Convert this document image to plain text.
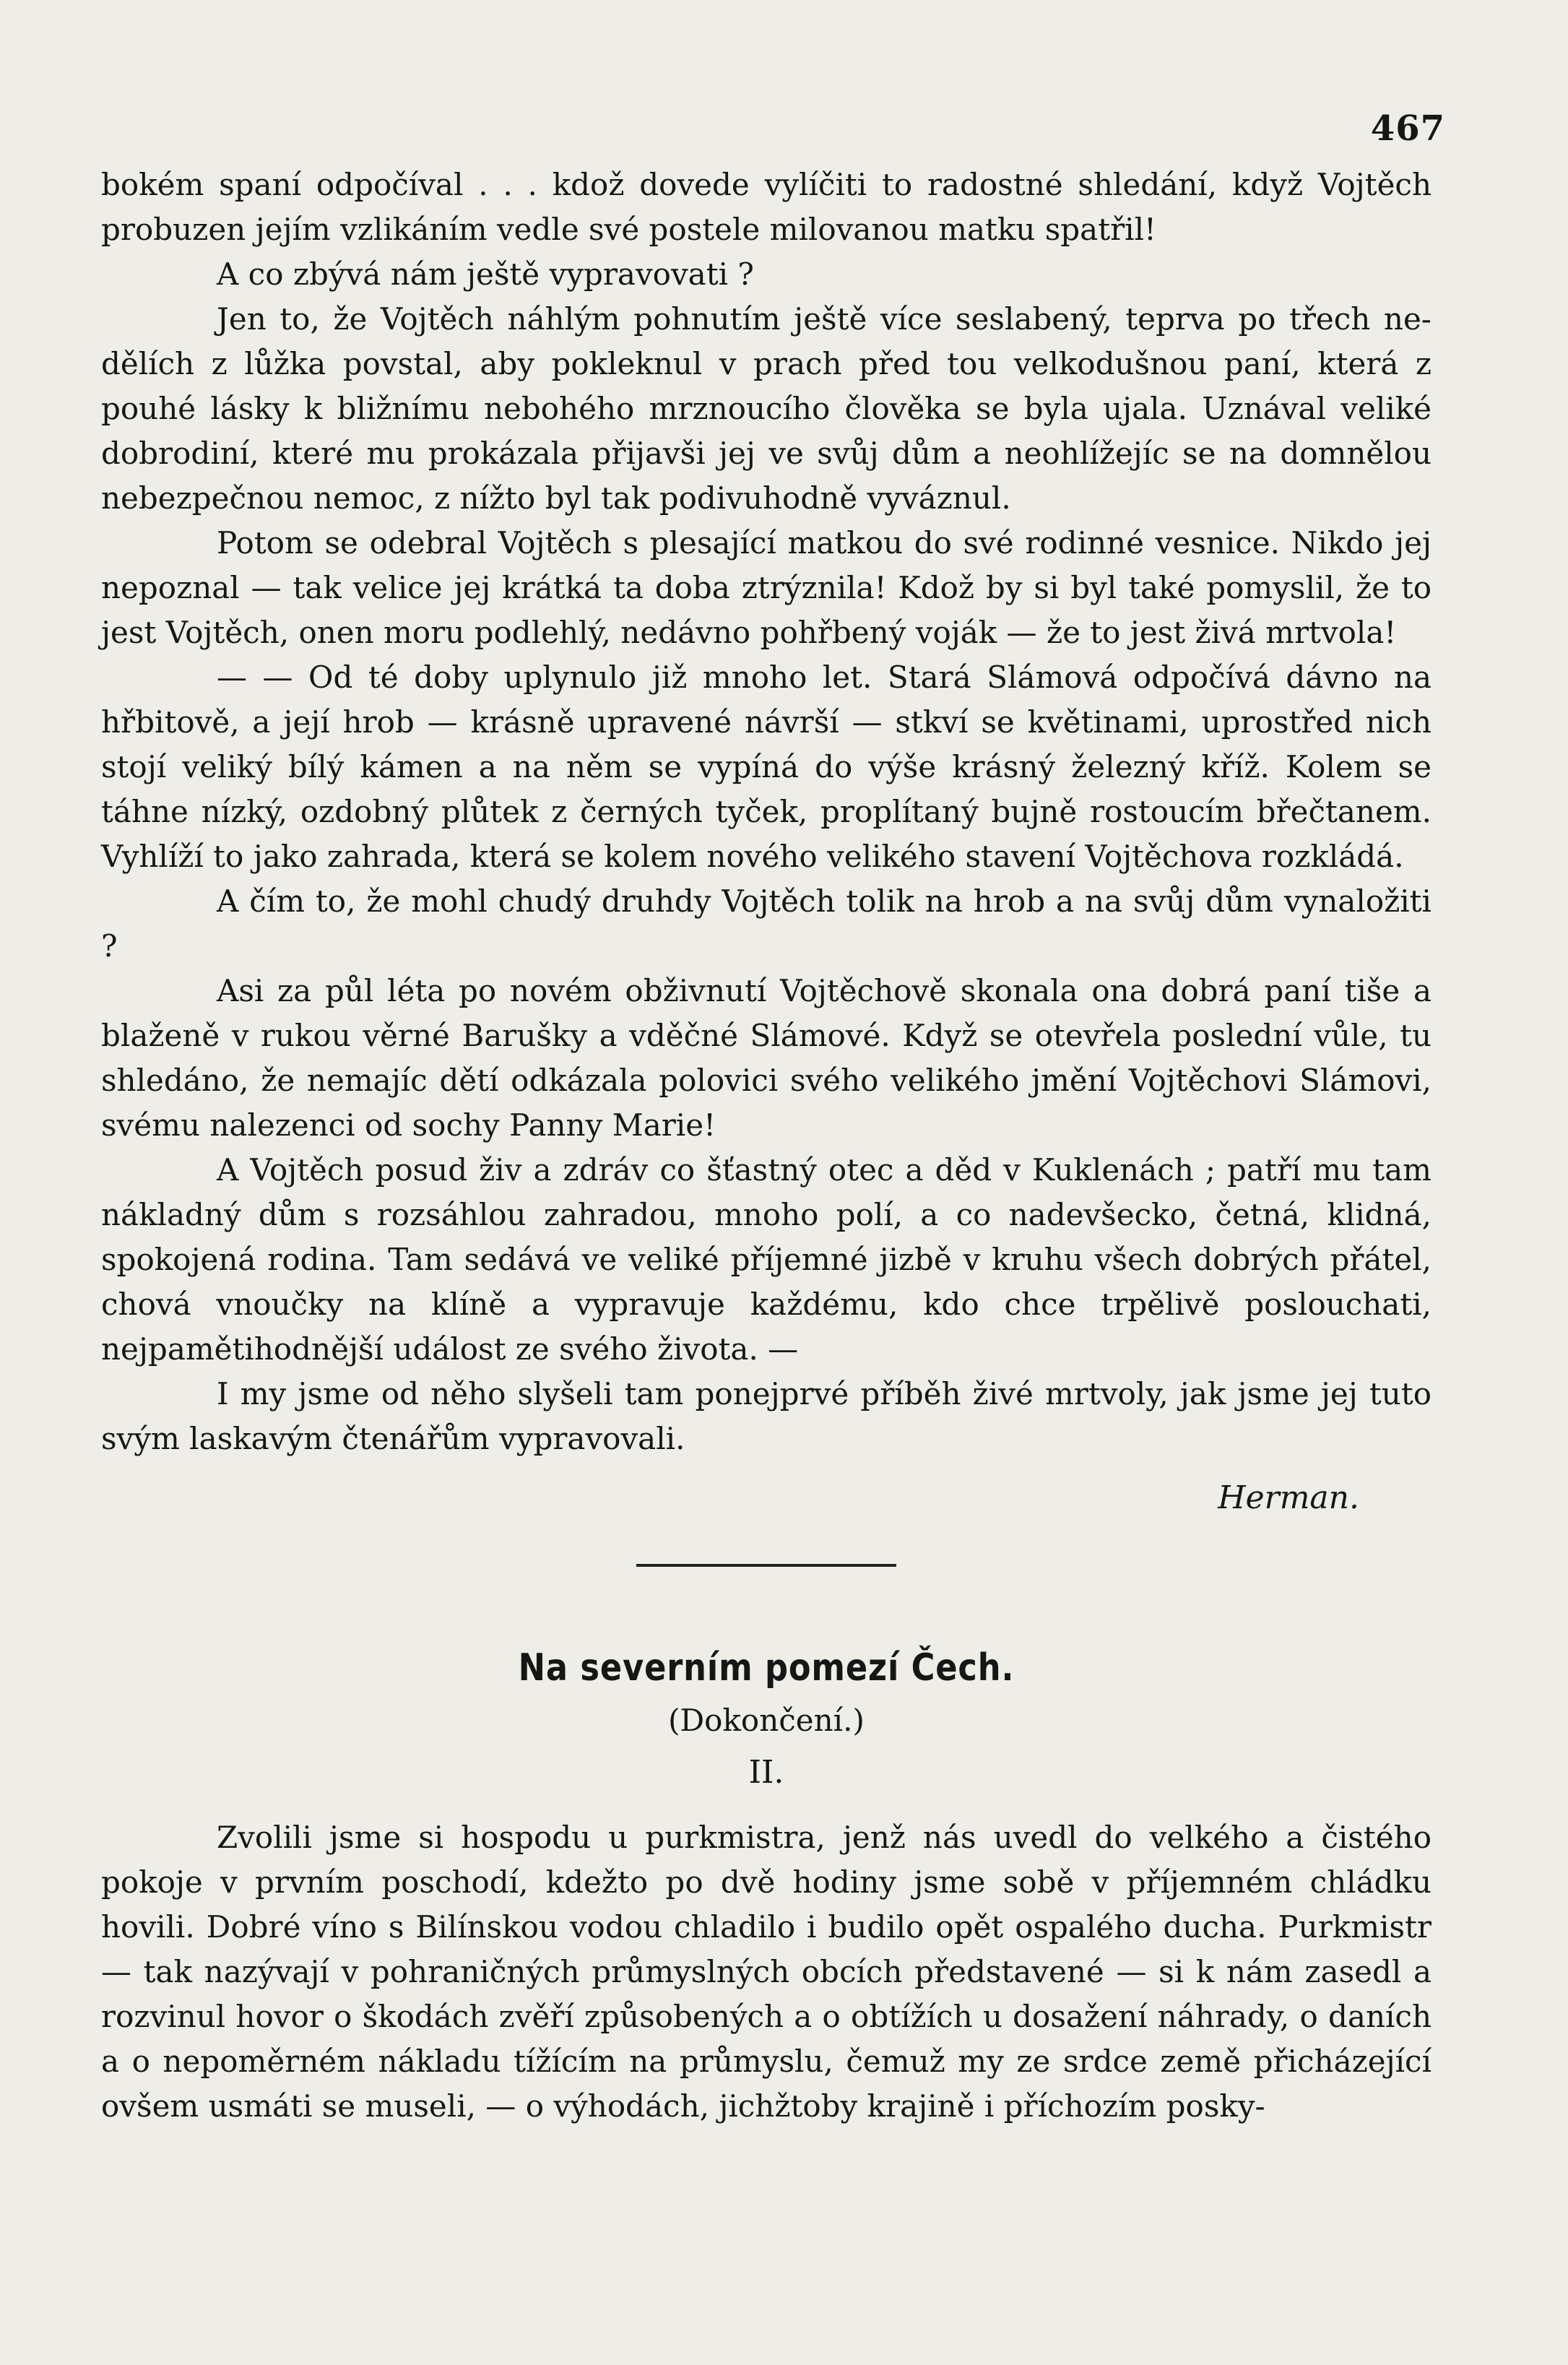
467

bokém spaní odpočíval . . . kdož dovede vylíčiti to radostné shledání, když Vojtěch probuzen jejím vzlikáním vedle své postele milovanou matku spatřil!

A co zbývá nám ještě vypravovati ?

Jen to, že Vojtěch náhlým pohnutím ještě více seslabený, teprva po třech ne-dělích z lůžka povstal, aby pokleknul v prach před tou velkodušnou paní, která z pouhé lásky k bližnímu nebohého mrznoucího člověka se byla ujala. Uznával veliké dobrodiní, které mu prokázala přijavši jej ve svůj dům a neohlížejíc se na domnělou nebezpečnou nemoc, z nížto byl tak podivuhodně vyváznul.

Potom se odebral Vojtěch s plesající matkou do své rodinné vesnice. Nikdo jej nepoznal — tak velice jej krátká ta doba ztrýznila! Kdož by si byl také pomyslil, že to jest Vojtěch, onen moru podlehlý, nedávno pohřbený voják — že to jest živá mrtvola!

— — Od té doby uplynulo již mnoho let. Stará Slámová odpočívá dávno na hřbitově, a její hrob — krásně upravené návrší — stkví se květinami, uprostřed nich stojí veliký bílý kámen a na něm se vypíná do výše krásný železný kříž. Kolem se táhne nízký, ozdobný plůtek z černých tyček, proplítaný bujně rostoucím břečtanem. Vyhlíží to jako zahrada, která se kolem nového velikého stavení Vojtěchova rozkládá.

A čím to, že mohl chudý druhdy Vojtěch tolik na hrob a na svůj dům vynaložiti ?

Asi za půl léta po novém obživnutí Vojtěchově skonala ona dobrá paní tiše a blaženě v rukou věrné Barušky a vděčné Slámové. Když se otevřela poslední vůle, tu shledáno, že nemajíc dětí odkázala polovici svého velikého jmění Vojtěchovi Slámovi, svému nalezenci od sochy Panny Marie!

A Vojtěch posud živ a zdráv co šťastný otec a děd v Kuklenách ; patří mu tam nákladný dům s rozsáhlou zahradou, mnoho polí, a co nadevšecko, četná, klidná, spokojená rodina. Tam sedává ve veliké příjemné jizbě v kruhu všech dobrých přátel, chová vnoučky na klíně a vypravuje každému, kdo chce trpělivě poslouchati, nejpamětihodnější událost ze svého života. —

I my jsme od něho slyšeli tam ponejprvé příběh živé mrtvoly, jak jsme jej tuto svým laskavým čtenářům vypravovali.

Herman.
Na severním pomezí Čech.
(Dokončení.)
II.

Zvolili jsme si hospodu u purkmistra, jenž nás uvedl do velkého a čistého pokoje v prvním poschodí, kdežto po dvě hodiny jsme sobě v příjemném chládku hovili. Dobré víno s Bilínskou vodou chladilo i budilo opět ospalého ducha. Purkmistr — tak nazývají v pohraničných průmyslných obcích představené — si k nám zasedl a rozvinul hovor o škodách zvěří způsobených a o obtížích u dosažení náhrady, o daních a o nepoměrném nákladu tížícím na průmyslu, čemuž my ze srdce země přicházející ovšem usmáti se museli, — o výhodách, jichžtoby krajině i příchozím posky-
